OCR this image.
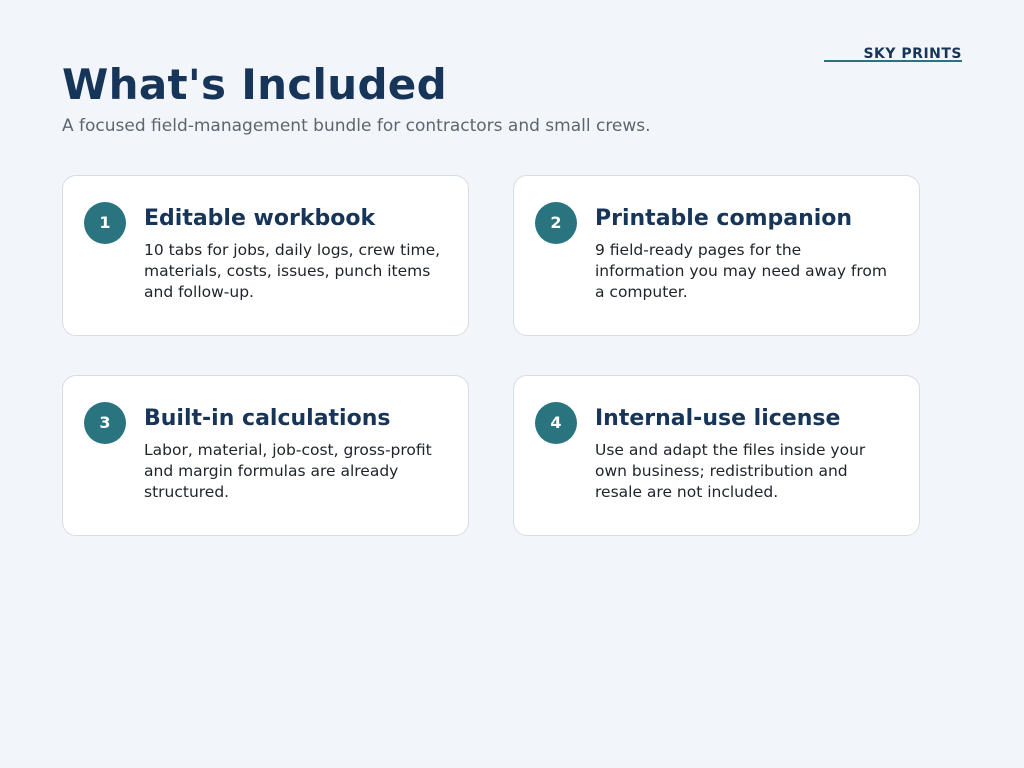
SKY PRINTS
What's Included

A focused field-management bundle for contractors and small crews.

1	Editable workbook

10 tabs for jobs, daily logs, crew time, materials, costs, issues, punch items and follow-up.

2	Printable companion

9 field-ready pages for the information you may need away from a computer.

3	Built-in calculations

Labor, material, job-cost, gross-profit and margin formulas are already structured.

4	Internal-use license

Use and adapt the files inside your own business; redistribution and resale are not included.
